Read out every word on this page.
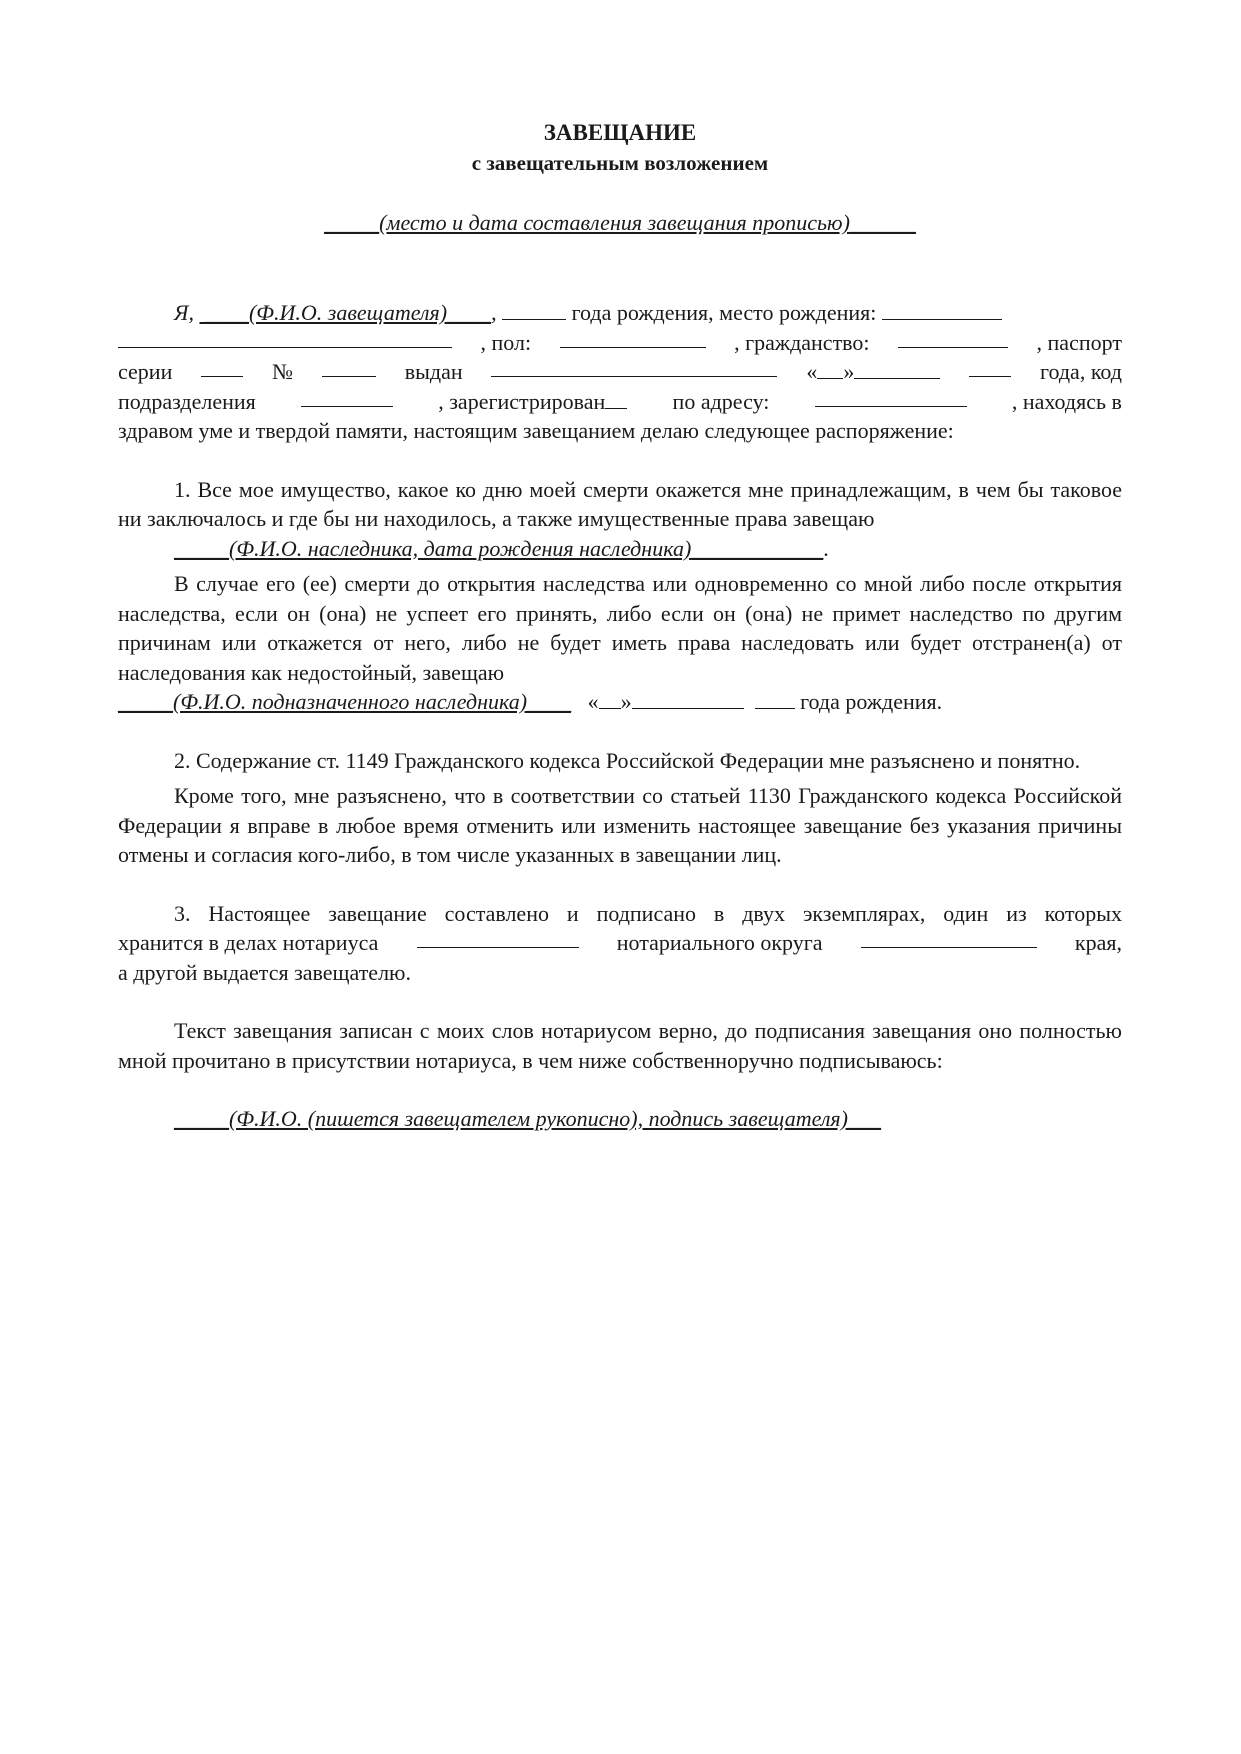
ЗАВЕЩАНИЕ

с завещательным возложением

_____(место и дата составления завещания прописью)______
Я,  ____(Ф.И.О. завещателя)____,	года рождения, место рождения:
, пол:	, гражданство:	, паспорт
серии	№	выдан	« »	года, код
подразделения	, зарегистрирован	по адресу:	, находясь в
здравом уме и твердой памяти, настоящим завещанием делаю следующее распоряжение:

1. Все мое имущество, какое ко дню моей смерти окажется мне принадлежащим, в чем бы таковое ни заключалось и где бы ни находилось, а также имущественные права завещаю

_____(Ф.И.О. наследника, дата рождения наследника)____________.

В случае его (ее) смерти до открытия наследства или одновременно со мной либо после открытия наследства, если он (она) не успеет его принять, либо если он (она) не примет наследство по другим причинам или откажется от него, либо не будет иметь права наследовать или будет отстранен(а) от наследования как недостойный, завещаю

_____(Ф.И.О. подназначенного наследника)____   « »	года рождения.

2. Содержание ст. 1149 Гражданского кодекса Российской Федерации мне разъяснено и понятно.

Кроме того, мне разъяснено, что в соответствии со статьей 1130 Гражданского кодекса Российской Федерации я вправе в любое время отменить или изменить настоящее завещание без указания причины отмены и согласия кого-либо, в том числе указанных в завещании лиц.

3. Настоящее завещание составлено и подписано в двух экземплярах, один из которых

хранится в делах нотариуса	нотариального округа	края,
а другой выдается завещателю.

Текст завещания записан с моих слов нотариусом верно, до подписания завещания оно полностью мной прочитано в присутствии нотариуса, в чем ниже собственноручно подписываюсь:

_____(Ф.И.О. (пишется завещателем рукописно), подпись завещателя)___
